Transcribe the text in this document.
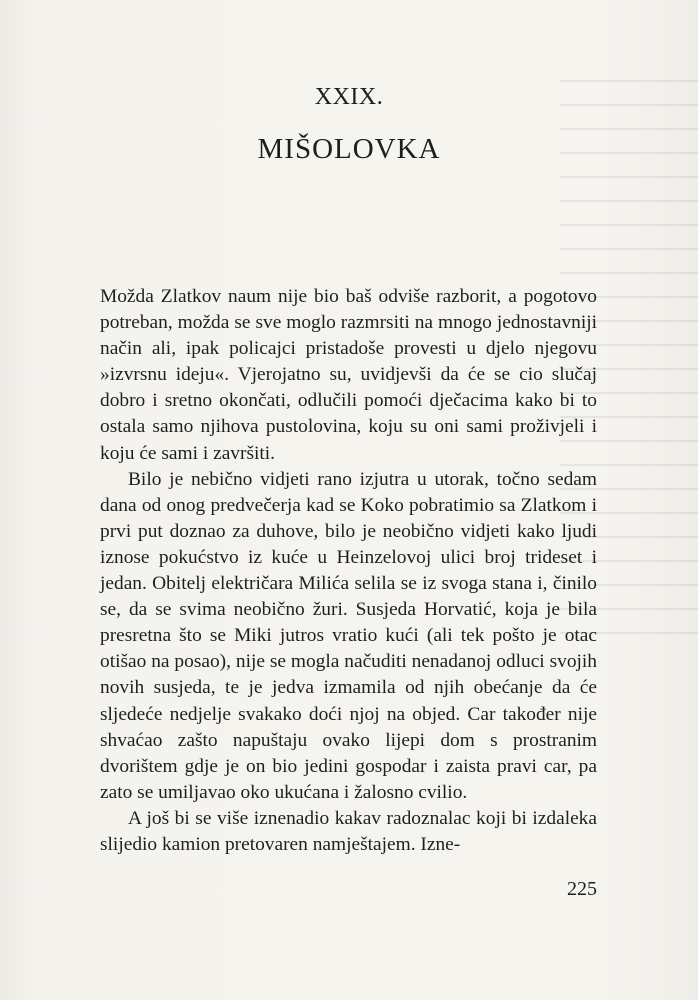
XXIX.
MIŠOLOVKA

Možda Zlatkov naum nije bio baš odviše razborit, a pogotovo potreban, možda se sve moglo razmrsiti na mnogo jednostavniji način ali, ipak policajci pristadoše provesti u djelo njegovu »izvrsnu ideju«. Vjerojatno su, uvidjevši da će se cio slučaj dobro i sretno okončati, odlučili pomoći dječacima kako bi to ostala samo njihova pustolovina, koju su oni sami proživjeli i koju će sami i završiti.

Bilo je nebično vidjeti rano izjutra u utorak, točno sedam dana od onog predvečerja kad se Koko pobratimio sa Zlatkom i prvi put doznao za duhove, bilo je neobično vidjeti kako ljudi iznose pokućstvo iz kuće u Heinzelovoj ulici broj trideset i jedan. Obitelj električara Milića selila se iz svoga stana i, činilo se, da se svima neobično žuri. Susjeda Horvatić, koja je bila presretna što se Miki jutros vratio kući (ali tek pošto je otac otišao na posao), nije se mogla načuditi nenadanoj odluci svojih novih susjeda, te je jedva izmamila od njih obećanje da će sljedeće nedjelje svakako doći njoj na objed. Car također nije shvaćao zašto napuštaju ovako lijepi dom s prostranim dvorištem gdje je on bio jedini gospodar i zaista pravi car, pa zato se umiljavao oko ukućana i žalosno cvilio.

A još bi se više iznenadio kakav radoznalac koji bi izdaleka slijedio kamion pretovaren namještajem. Izne-

225
